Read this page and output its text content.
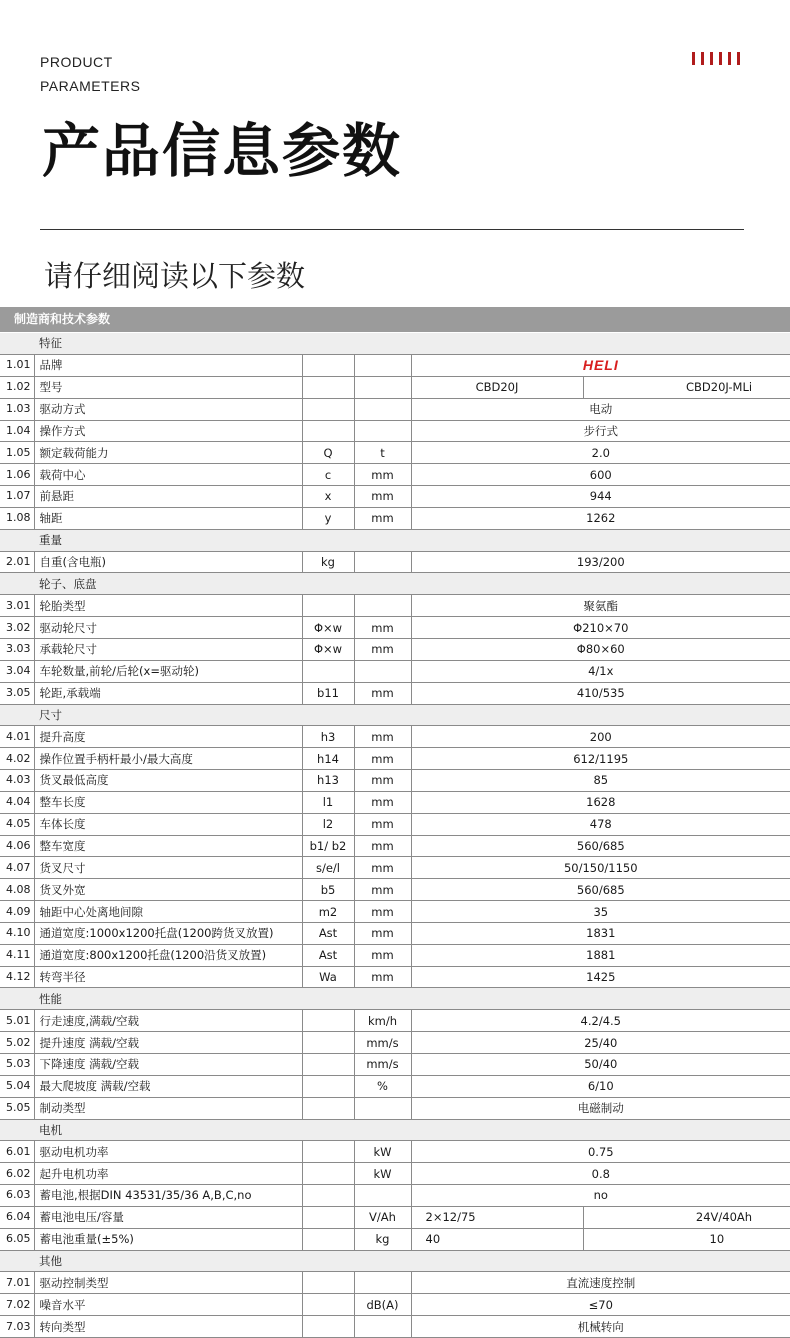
PRODUCT
PARAMETERS
产品信息参数
请仔细阅读以下参数
制造商和技术参数
	特征				
1.01	品牌			HELI	
1.02	型号			CBD20J	CBD20J-MLi
1.03	驱动方式			电动	
1.04	操作方式			步行式	
1.05	额定载荷能力	Q	t	2.0	
1.06	载荷中心	c	mm	600	
1.07	前悬距	x	mm	944	
1.08	轴距	y	mm	1262	
	重量				
2.01	自重(含电瓶)	kg		193/200	
	轮子、底盘				
3.01	轮胎类型			聚氨酯	
3.02	驱动轮尺寸	Φ×w	mm	Φ210×70	
3.03	承载轮尺寸	Φ×w	mm	Φ80×60	
3.04	车轮数量,前轮/后轮(x=驱动轮)			4/1x	
3.05	轮距,承载端	b11	mm	410/535	
	尺寸				
4.01	提升高度	h3	mm	200	
4.02	操作位置手柄杆最小/最大高度	h14	mm	612/1195	
4.03	货叉最低高度	h13	mm	85	
4.04	整车长度	l1	mm	1628	
4.05	车体长度	l2	mm	478	
4.06	整车宽度	b1/ b2	mm	560/685	
4.07	货叉尺寸	s/e/l	mm	50/150/1150	
4.08	货叉外宽	b5	mm	560/685	
4.09	轴距中心处离地间隙	m2	mm	35	
4.10	通道宽度:1000x1200托盘(1200跨货叉放置)	Ast	mm	1831	
4.11	通道宽度:800x1200托盘(1200沿货叉放置)	Ast	mm	1881	
4.12	转弯半径	Wa	mm	1425	
	性能				
5.01	行走速度,满载/空载		km/h	4.2/4.5	
5.02	提升速度 满载/空载		mm/s	25/40	
5.03	下降速度 满载/空载		mm/s	50/40	
5.04	最大爬坡度 满载/空载		%	6/10	
5.05	制动类型			电磁制动	
	电机				
6.01	驱动电机功率		kW	0.75	
6.02	起升电机功率		kW	0.8	
6.03	蓄电池,根据DIN 43531/35/36 A,B,C,no			no	
6.04	蓄电池电压/容量		V/Ah	2×12/75	24V/40Ah
6.05	蓄电池重量(±5%)		kg	40	10
	其他				
7.01	驱动控制类型			直流速度控制	
7.02	噪音水平		dB(A)	≤70	
7.03	转向类型			机械转向	
